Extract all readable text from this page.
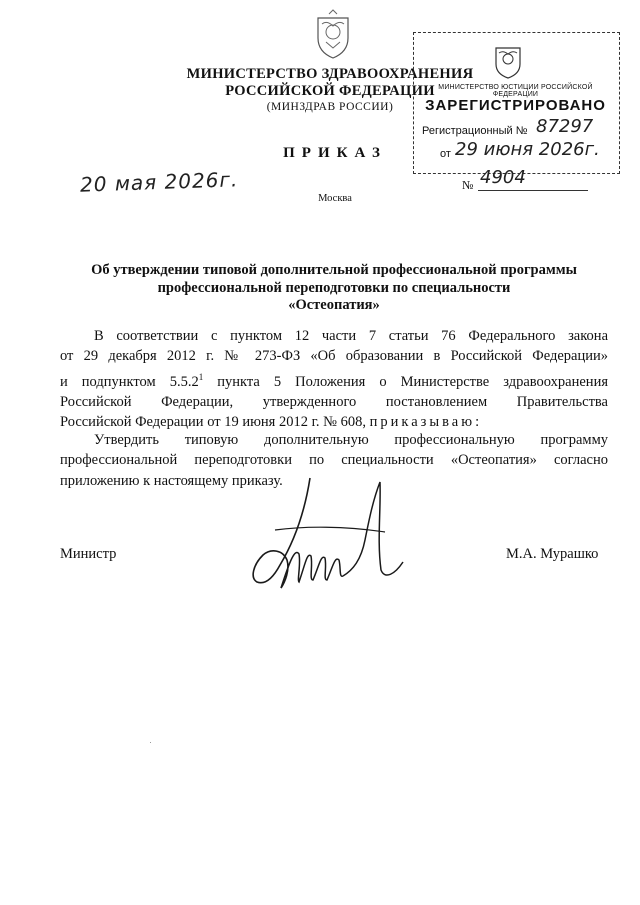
МИНИСТЕРСТВО ЗДРАВООХРАНЕНИЯ
РОССИЙСКОЙ ФЕДЕРАЦИИ
(МИНЗДРАВ РОССИИ)
МИНИСТЕРСТВО ЮСТИЦИИ РОССИЙСКОЙ ФЕДЕРАЦИИ
ЗАРЕГИСТРИРОВАНО
Регистрационный № 87297
от 29 июня 2026г.
ПРИКАЗ
20 мая 2026г.	№ 4904
Москва
Об утверждении типовой дополнительной профессиональной программы
профессиональной переподготовки по специальности
«Остеопатия»
В соответствии с пунктом 12 части 7 статьи 76 Федерального закона
от 29 декабря 2012 г. № 273-ФЗ «Об образовании в Российской Федерации»
и подпунктом 5.5.2$^1$ пункта 5 Положения о Министерстве здравоохранения
Российской Федерации, утвержденного постановлением Правительства
Российской Федерации от 19 июня 2012 г. № 608, приказываю:
Утвердить типовую дополнительную профессиональную программу
профессиональной переподготовки по специальности «Остеопатия» согласно
приложению к настоящему приказу.
Министр	М.А. Мурашко
